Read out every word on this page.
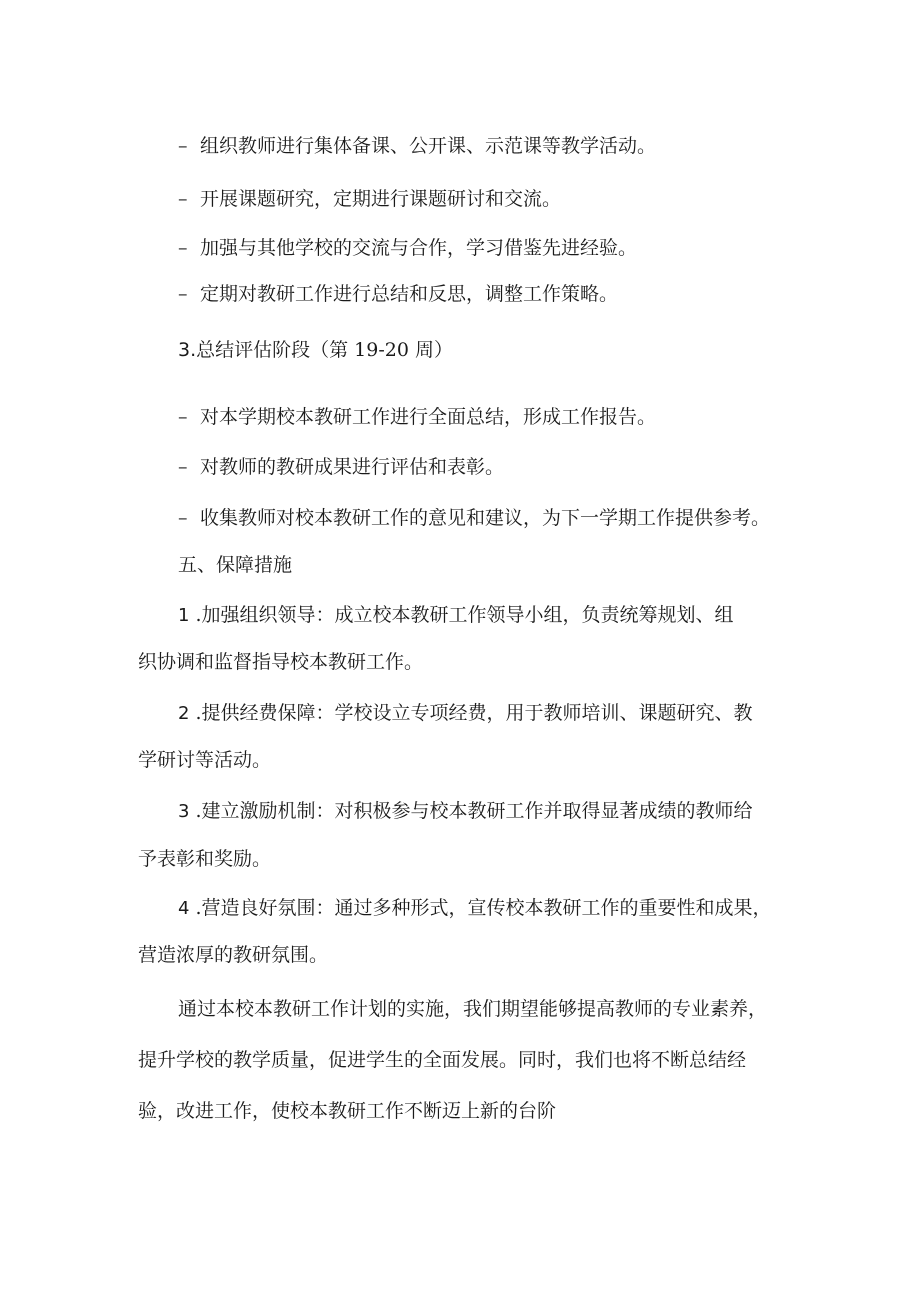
– 组织教师进行集体备课、公开课、示范课等教学活动。
– 开展课题研究，定期进行课题研讨和交流。
– 加强与其他学校的交流与合作，学习借鉴先进经验。
– 定期对教研工作进行总结和反思，调整工作策略。
3.总结评估阶段（第 19-20 周）
– 对本学期校本教研工作进行全面总结，形成工作报告。
– 对教师的教研成果进行评估和表彰。
– 收集教师对校本教研工作的意见和建议，为下一学期工作提供参考。
五、保障措施
1 .加强组织领导：成立校本教研工作领导小组，负责统筹规划、组
织协调和监督指导校本教研工作。
2 .提供经费保障：学校设立专项经费，用于教师培训、课题研究、教
学研讨等活动。
3 .建立激励机制：对积极参与校本教研工作并取得显著成绩的教师给
予表彰和奖励。
4 .营造良好氛围：通过多种形式，宣传校本教研工作的重要性和成果，
营造浓厚的教研氛围。
通过本校本教研工作计划的实施，我们期望能够提高教师的专业素养，
提升学校的教学质量，促进学生的全面发展。同时，我们也将不断总结经
验，改进工作，使校本教研工作不断迈上新的台阶
